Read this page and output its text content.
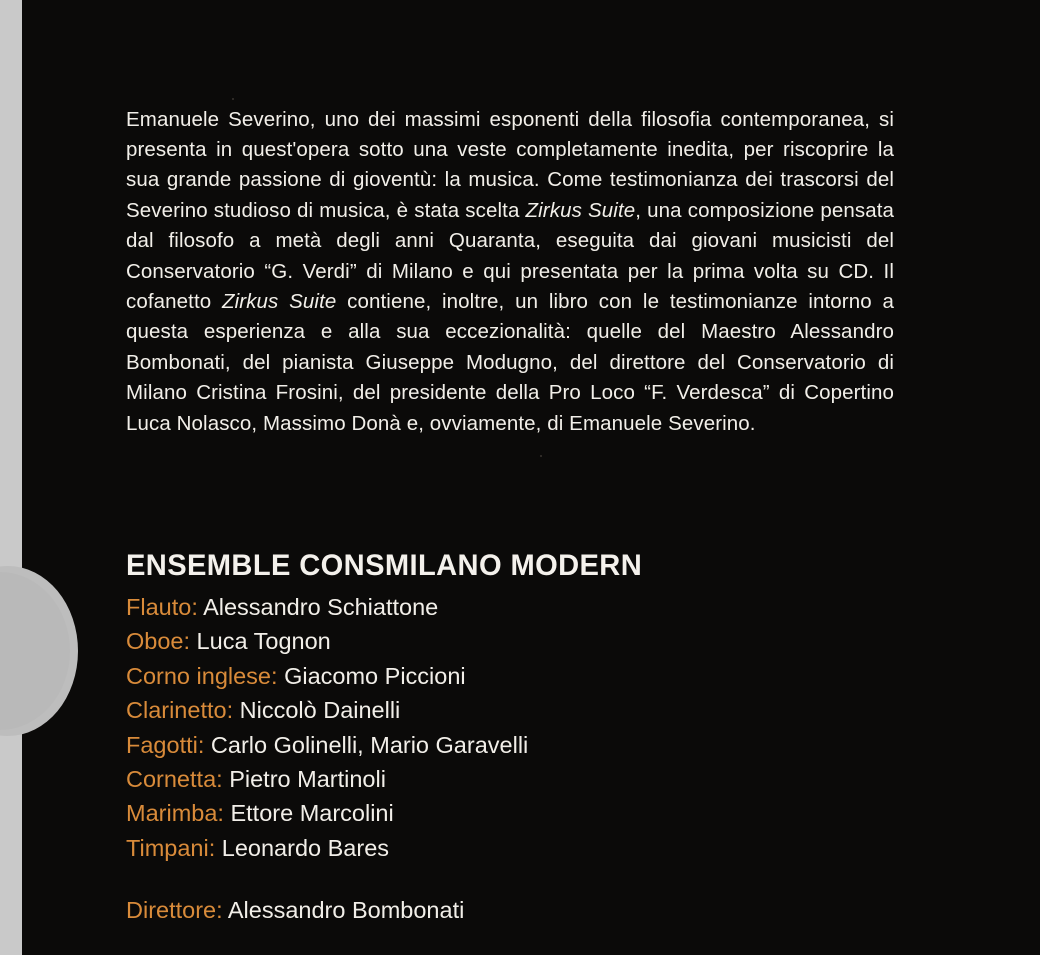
Emanuele Severino, uno dei massimi esponenti della filosofia contemporanea, si presenta in quest'opera sotto una veste completamente inedita, per riscoprire la sua grande passione di gioventù: la musica. Come testimonianza dei trascorsi del Severino studioso di musica, è stata scelta Zirkus Suite, una composizione pensata dal filosofo a metà degli anni Quaranta, eseguita dai giovani musicisti del Conservatorio “G. Verdi” di Milano e qui presentata per la prima volta su CD. Il cofanetto Zirkus Suite contiene, inoltre, un libro con le testimonianze intorno a questa esperienza e alla sua eccezionalità: quelle del Maestro Alessandro Bombonati, del pianista Giuseppe Modugno, del direttore del Conservatorio di Milano Cristina Frosini, del presidente della Pro Loco “F. Verdesca” di Copertino Luca Nolasco, Massimo Donà e, ovviamente, di Emanuele Severino.

ENSEMBLE CONSMILANO MODERN
Flauto: Alessandro Schiattone
Oboe: Luca Tognon
Corno inglese: Giacomo Piccioni
Clarinetto: Niccolò Dainelli
Fagotti: Carlo Golinelli, Mario Garavelli
Cornetta: Pietro Martinoli
Marimba: Ettore Marcolini
Timpani: Leonardo Bares
Direttore: Alessandro Bombonati
